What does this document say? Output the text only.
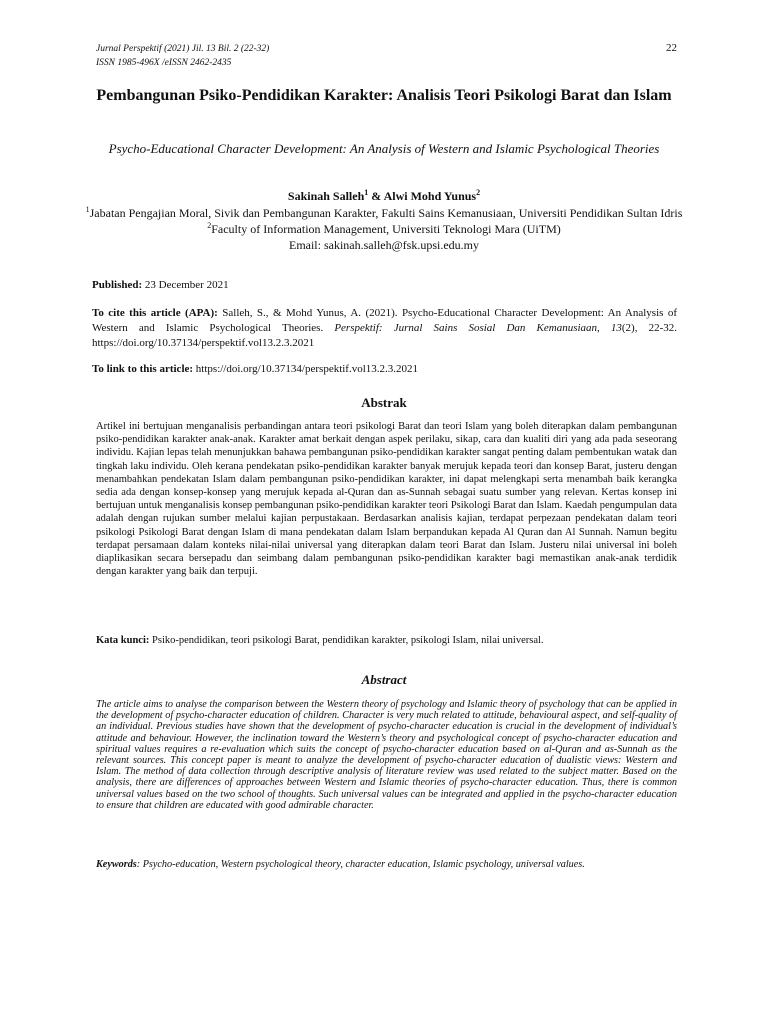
Jurnal Perspektif (2021) Jil. 13 Bil. 2 (22-32)
ISSN 1985-496X /eISSN 2462-2435
22
Pembangunan Psiko-Pendidikan Karakter: Analisis Teori Psikologi Barat dan Islam
Psycho-Educational Character Development: An Analysis of Western and Islamic Psychological Theories
Sakinah Salleh$^1$ & Alwi Mohd Yunus$^2$
$^1$Jabatan Pengajian Moral, Sivik dan Pembangunan Karakter, Fakulti Sains Kemanusiaan, Universiti Pendidikan Sultan Idris
$^2$Faculty of Information Management, Universiti Teknologi Mara (UiTM)
Email: sakinah.salleh@fsk.upsi.edu.my
Published: 23 December 2021
To cite this article (APA): Salleh, S., & Mohd Yunus, A. (2021). Psycho-Educational Character Development: An Analysis of Western and Islamic Psychological Theories. Perspektif: Jurnal Sains Sosial Dan Kemanusiaan, 13(2), 22-32. https://doi.org/10.37134/perspektif.vol13.2.3.2021
To link to this article: https://doi.org/10.37134/perspektif.vol13.2.3.2021
Abstrak
Artikel ini bertujuan menganalisis perbandingan antara teori psikologi Barat dan teori Islam yang boleh diterapkan dalam pembangunan psiko-pendidikan karakter anak-anak. Karakter amat berkait dengan aspek perilaku, sikap, cara dan kualiti diri yang ada pada seseorang individu. Kajian lepas telah menunjukkan bahawa pembangunan psiko-pendidikan karakter sangat penting dalam pembentukan watak dan tingkah laku individu. Oleh kerana pendekatan psiko-pendidikan karakter banyak merujuk kepada teori dan konsep Barat, justeru dengan menambahkan pendekatan Islam dalam pembangunan psiko-pendidikan karakter, ini dapat melengkapi serta menambah baik kerangka sedia ada dengan konsep-konsep yang merujuk kepada al-Quran dan as-Sunnah sebagai suatu sumber yang relevan. Kertas konsep ini bertujuan untuk menganalisis konsep pembangunan psiko-pendidikan karakter teori Psikologi Barat dan Islam. Kaedah pengumpulan data adalah dengan rujukan sumber melalui kajian perpustakaan. Berdasarkan analisis kajian, terdapat perpezaan pendekatan dalam teori psikologi Psikologi Barat dengan Islam di mana pendekatan dalam Islam berpandukan kepada Al Quran dan Al Sunnah. Namun begitu terdapat persamaan dalam konteks nilai-nilai universal yang diterapkan dalam teori Barat dan Islam. Justeru nilai universal ini boleh diaplikasikan secara bersepadu dan seimbang dalam pembangunan psiko-pendidikan karakter bagi memastikan anak-anak terdidik dengan karakter yang baik dan terpuji.
Kata kunci: Psiko-pendidikan, teori psikologi Barat, pendidikan karakter, psikologi Islam, nilai universal.
Abstract
The article aims to analyse the comparison between the Western theory of psychology and Islamic theory of psychology that can be applied in the development of psycho-character education of children. Character is very much related to attitude, behavioural aspect, and self-quality of an individual. Previous studies have shown that the development of psycho-character education is crucial in the development of individual’s attitude and behaviour. However, the inclination toward the Western’s theory and psychological concept of psycho-character education and spiritual values requires a re-evaluation which suits the concept of psycho-character education based on al-Quran and as-Sunnah as the relevant sources. This concept paper is meant to analyze the development of psycho-character education of dualistic views: Western and Islam. The method of data collection through descriptive analysis of literature review was used related to the subject matter. Based on the analysis, there are differences of approaches between Western and Islamic theories of psycho-character education. Thus, there is common universal values based on the two school of thoughts. Such universal values can be integrated and applied in the psycho-character education to ensure that children are educated with good admirable character.
Keywords: Psycho-education, Western psychological theory, character education, Islamic psychology, universal values.
